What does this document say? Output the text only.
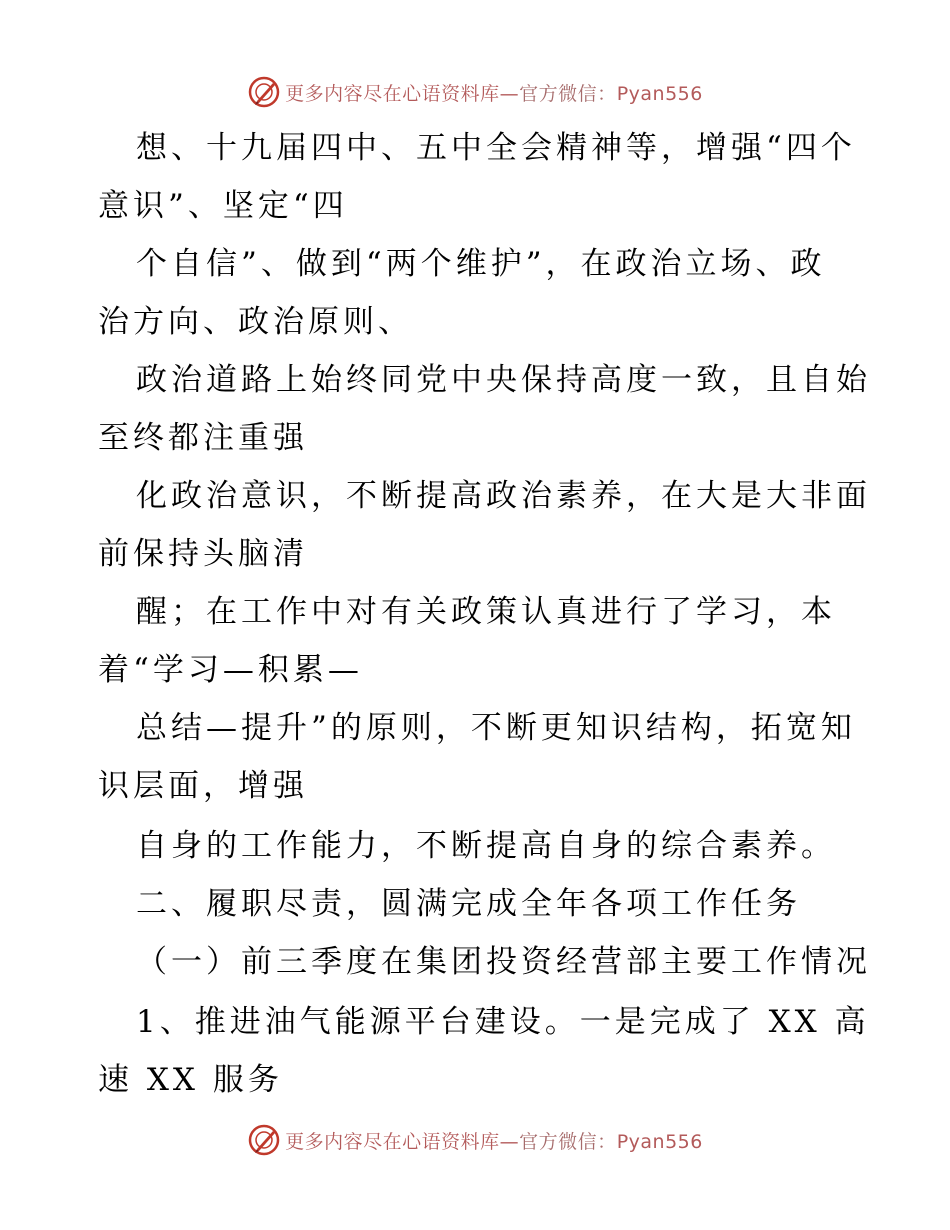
更多内容尽在心语资料库—官方微信：Pyan556
想、十九届四中、五中全会精神等，增强“四个
意识”、坚定“四
个自信”、做到“两个维护”，在政治立场、政
治方向、政治原则、
政治道路上始终同党中央保持高度一致，且自始
至终都注重强
化政治意识，不断提高政治素养，在大是大非面
前保持头脑清
醒；在工作中对有关政策认真进行了学习，本
着“学习—积累—
总结—提升”的原则，不断更知识结构，拓宽知
识层面，增强
自身的工作能力，不断提高自身的综合素养。
二、履职尽责，圆满完成全年各项工作任务
（一）前三季度在集团投资经营部主要工作情况
1、推进油气能源平台建设。一是完成了 XX 高
速 XX 服务
更多内容尽在心语资料库—官方微信：Pyan556
